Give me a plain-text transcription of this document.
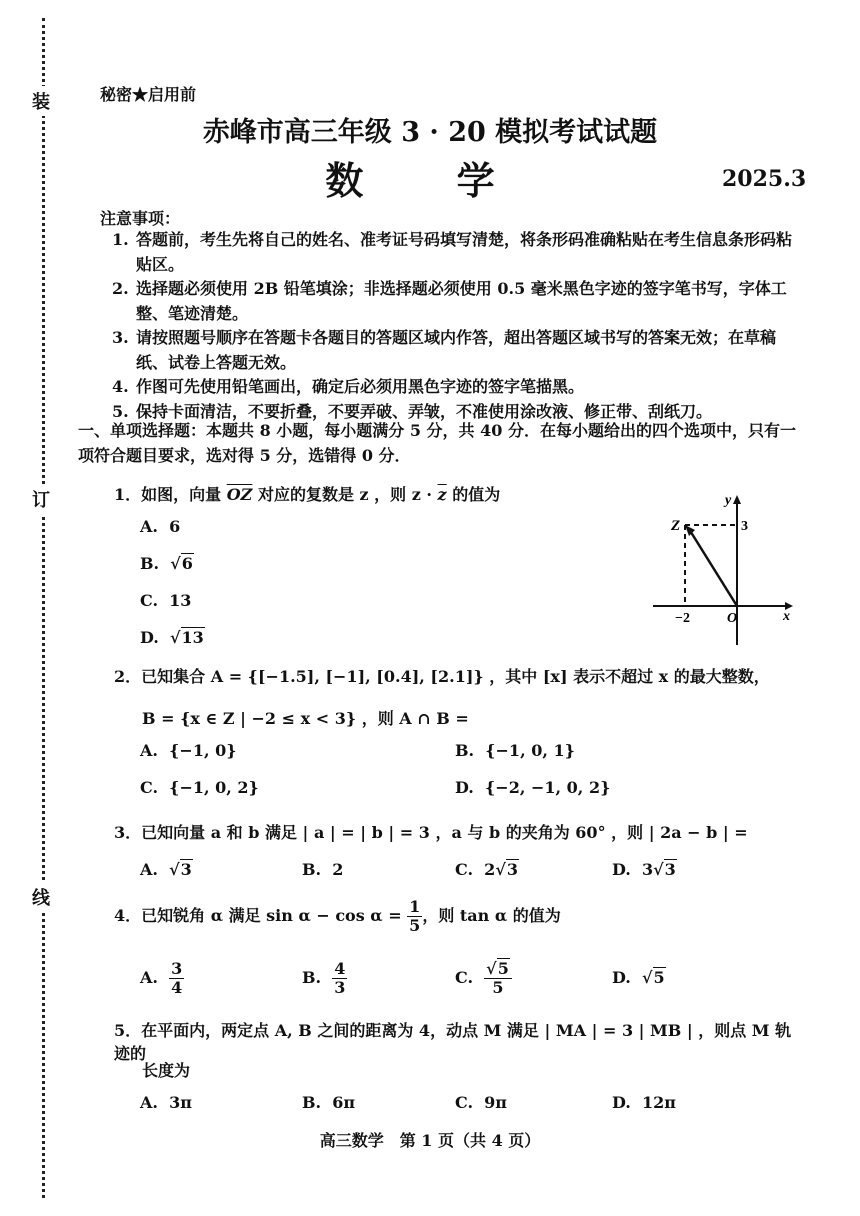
装
订
线
秘密★启用前
赤峰市高三年级 3 · 20 模拟考试试题
数 学	2025.3
注意事项：
1. 答题前，考生先将自己的姓名、准考证号码填写清楚，将条形码准确粘贴在考生信息条形码粘贴区。
2. 选择题必须使用 2B 铅笔填涂；非选择题必须使用 0.5 毫米黑色字迹的签字笔书写，字体工整、笔迹清楚。
3. 请按照题号顺序在答题卡各题目的答题区域内作答，超出答题区域书写的答案无效；在草稿纸、试卷上答题无效。
4. 作图可先使用铅笔画出，确定后必须用黑色字迹的签字笔描黑。
5. 保持卡面清洁，不要折叠，不要弄破、弄皱，不准使用涂改液、修正带、刮纸刀。
一、单项选择题：本题共 8 小题，每小题满分 5 分，共 40 分．在每小题给出的四个选项中，只有一项符合题目要求，选对得 5 分，选错得 0 分．
1．如图，向量 $\overline{OZ}$ 对应的复数是 z ，则 $z \cdot \overline{z}$ 的值为
A. 6
B. √6
C. 13
D. √13
Z
y
x
O
−2
3
2．已知集合 A = {[−1.5], [−1], [0.4], [2.1]} ，其中 [x] 表示不超过 x 的最大整数，
B = {x ∈ Z | −2 ≤ x < 3} ，则 A ∩ B =
A. {−1, 0}	B. {−1, 0, 1}
C. {−1, 0, 2}	D. {−2, −1, 0, 2}
3．已知向量 a 和 b 满足 | a | = | b | = 3 ，a 与 b 的夹角为 60° ，则 | 2a − b | =
A. √3	B. 2	C. 2√3	D. 3√3
4．已知锐角 α 满足 $\sin \alpha - \cos \alpha = \frac{1}{5}$ ，则 tan α 的值为
A. $\frac{3}{4}$	B. $\frac{4}{3}$	C. $\frac{√5}{5}$	D. √5
5．在平面内，两定点 A, B 之间的距离为 4，动点 M 满足 | MA | = 3 | MB | ，则点 M 轨迹的
长度为
A. 3π	B. 6π	C. 9π	D. 12π
高三数学　第 1 页（共 4 页）
